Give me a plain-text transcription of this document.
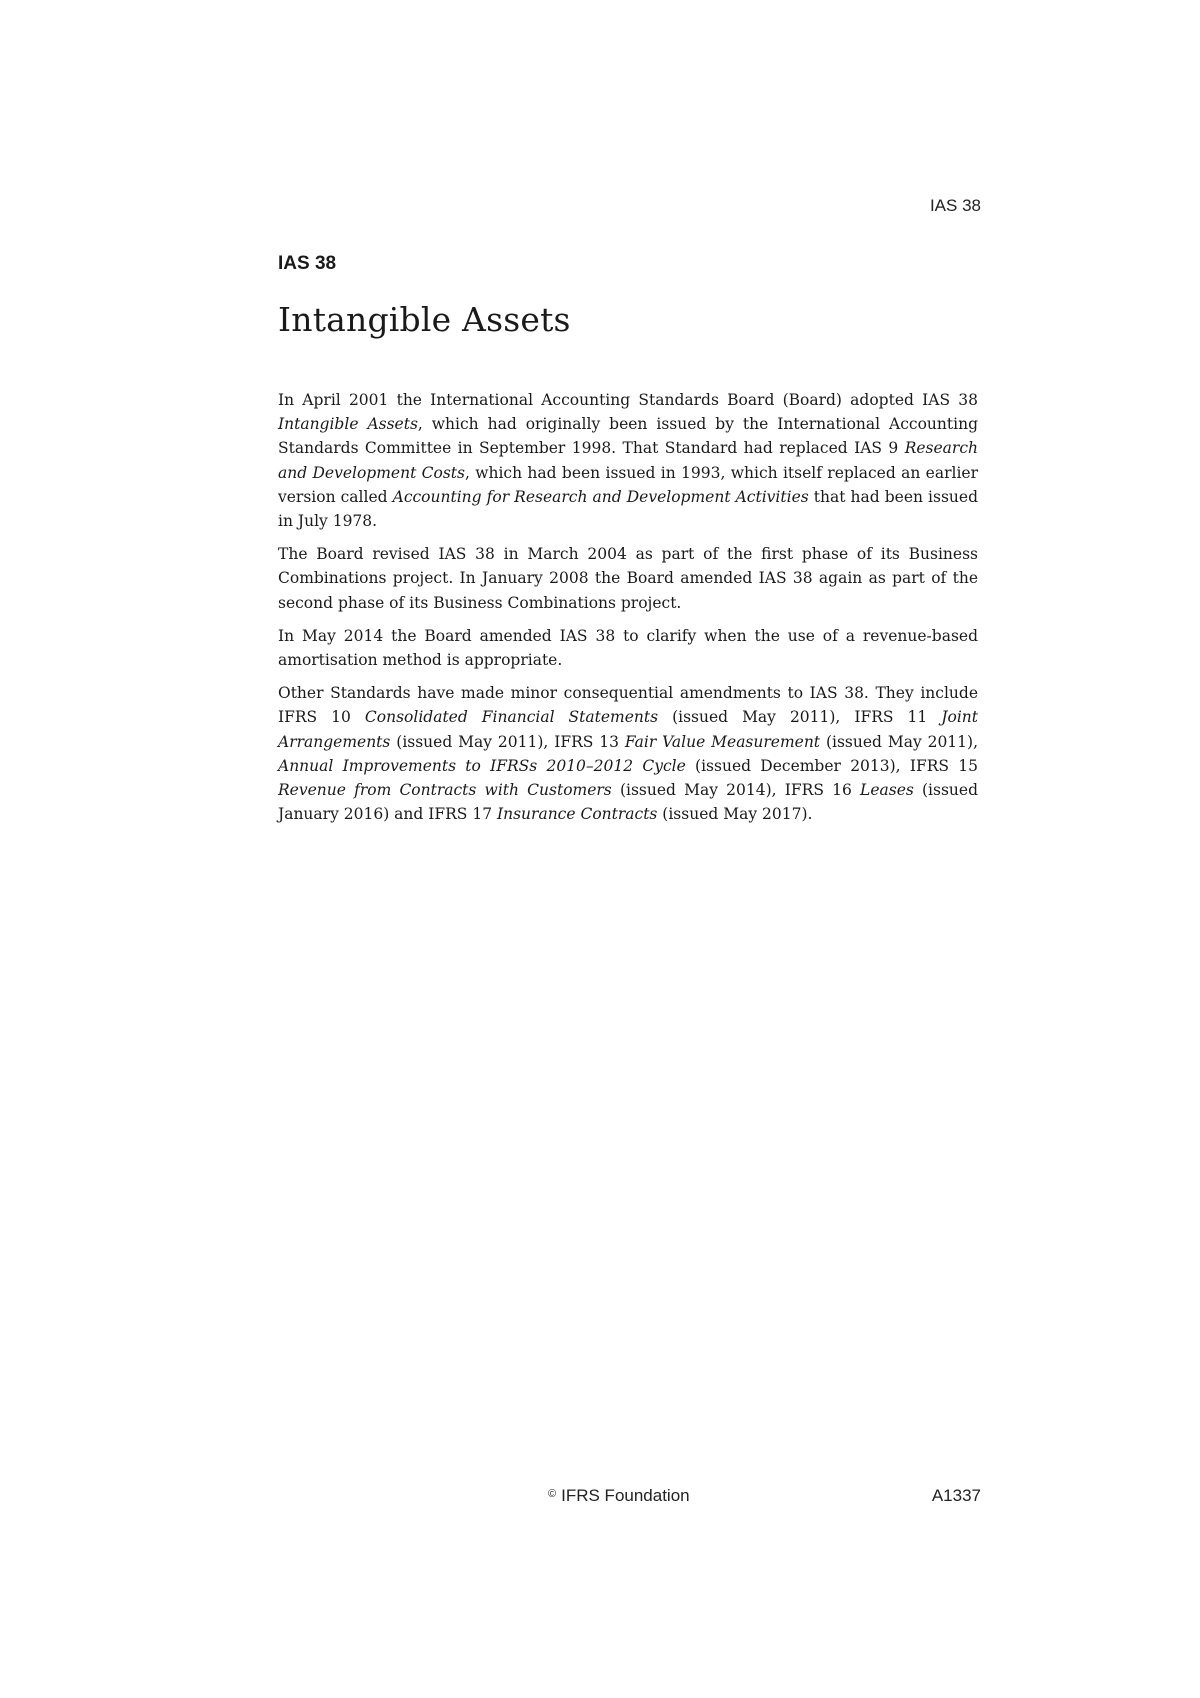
IAS 38
IAS 38
Intangible Assets

In April 2001 the International Accounting Standards Board (Board) adopted IAS 38 Intangible Assets, which had originally been issued by the International Accounting Standards Committee in September 1998. That Standard had replaced IAS 9 Research and Development Costs, which had been issued in 1993, which itself replaced an earlier version called Accounting for Research and Development Activities that had been issued in July 1978.

The Board revised IAS 38 in March 2004 as part of the first phase of its Business Combinations project. In January 2008 the Board amended IAS 38 again as part of the second phase of its Business Combinations project.

In May 2014 the Board amended IAS 38 to clarify when the use of a revenue-based amortisation method is appropriate.

Other Standards have made minor consequential amendments to IAS 38. They include IFRS 10 Consolidated Financial Statements (issued May 2011), IFRS 11 Joint Arrangements (issued May 2011), IFRS 13 Fair Value Measurement (issued May 2011), Annual Improvements to IFRSs 2010–2012 Cycle (issued December 2013), IFRS 15 Revenue from Contracts with Customers (issued May 2014), IFRS 16 Leases (issued January 2016) and IFRS 17 Insurance Contracts (issued May 2017).

© IFRS Foundation	A1337
